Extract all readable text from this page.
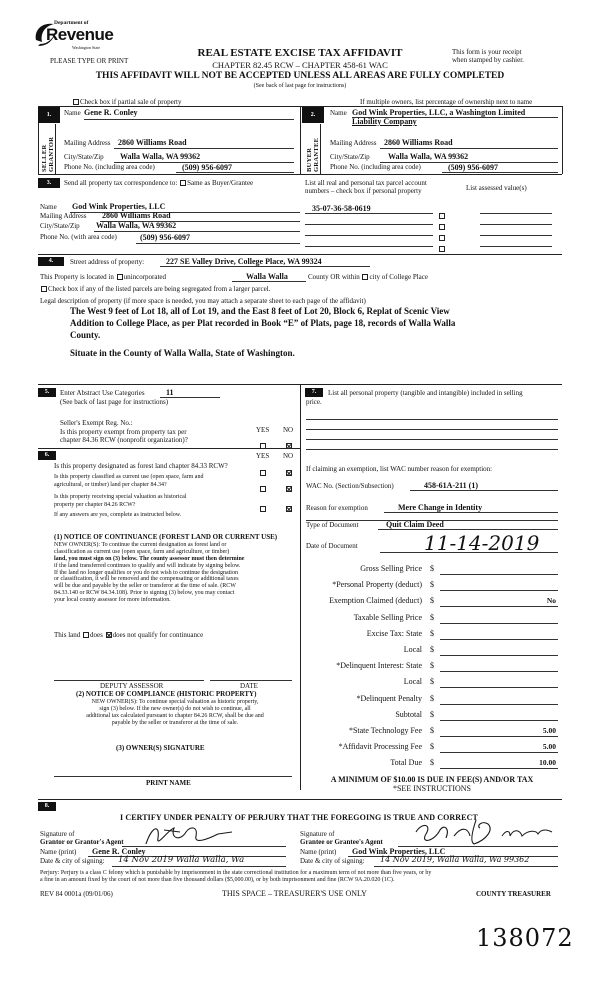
Department of
Revenue
Washington State
PLEASE TYPE OR PRINT
REAL ESTATE EXCISE TAX AFFIDAVIT
CHAPTER 82.45 RCW – CHAPTER 458-61 WAC
This form is your receipt
when stamped by cashier.
THIS AFFIDAVIT WILL NOT BE ACCEPTED UNLESS ALL AREAS ARE FULLY COMPLETED
(See back of last page for instructions)
Check box if partial sale of property	If multiple owners, list percentage of ownership next to name
1.
SELLER GRANTOR
Name Gene R. Conley
Mailing Address 2860 Williams Road
City/State/Zip Walla Walla, WA 99362
Phone No. (including area code)	(509) 956-6097
2.
BUYER GRANTEE
Name God Wink Properties, LLC, a Washington Limited
Liability Company
Mailing Address 2860 Williams Road
City/State/Zip Walla Walla, WA 99362
Phone No. (including area code)	(509) 956-6097
3.	Send all property tax correspondence to: Same as Buyer/Grantee
Name God Wink Properties, LLC
Mailing Address 2860 Williams Road
City/State/Zip Walla Walla, WA 99362
Phone No. (with area code)	(509) 956-6097
List all real and personal tax parcel account
numbers – check box if personal property	List assessed value(s)
35-07-36-58-0619
4.	Street address of property:	227 SE Valley Drive, College Place, WA 99324
This Property is located in unincorporated	Walla Walla	County OR within city of College Place
Check box if any of the listed parcels are being segregated from a larger parcel.
Legal description of property (if more space is needed, you may attach a separate sheet to each page of the affidavit)
The West 9 feet of Lot 18, all of Lot 19, and the East 8 feet of Lot 20, Block 6, Replat of Scenic View
Addition to College Place, as per Plat recorded in Book “E” of Plats, page 18, records of Walla Walla
County.
Situate in the County of Walla Walla, State of Washington.
5.	Enter Abstract Use Categories	11
(See back of last page for instructions)
Seller's Exempt Reg. No.:
YES NO
Is this property exempt from property tax per
chapter 84.36 RCW (nonprofit organization)?
6.	YES NO
Is this property designated as forest land chapter 84.33 RCW?
Is this property classified as current use (open space, farm and
agricultural, or timber) land per chapter 84.34?
Is this property receiving special valuation as historical
property per chapter 84.26 RCW?
If any answers are yes, complete as instructed below.
(1) NOTICE OF CONTINUANCE (FOREST LAND OR CURRENT USE)
NEW OWNER(S): To continue the current designation as forest land or
classification as current use (open space, farm and agriculture, or timber)
land, you must sign on (3) below. The county assessor must then determine
if the land transferred continues to qualify and will indicate by signing below.
If the land no longer qualifies or you do not wish to continue the designation
or classification, it will be removed and the compensating or additional taxes
will be due and payable by the seller or transferor at the time of sale. (RCW
84.33.140 or RCW 84.34.108). Prior to signing (3) below, you may contact
your local county assessor for more information.
This land does does not qualify for continuance
DEPUTY ASSESSOR	DATE
(2) NOTICE OF COMPLIANCE (HISTORIC PROPERTY)
NEW OWNER(S): To continue special valuation as historic property,
sign (3) below. If the new owner(s) do not wish to continue, all
additional tax calculated pursuant to chapter 84.26 RCW, shall be due and
payable by the seller or transferor at the time of sale.
(3) OWNER(S) SIGNATURE
PRINT NAME
7.	List all personal property (tangible and intangible) included in selling
price.
If claiming an exemption, list WAC number reason for exemption:
WAC No. (Section/Subsection)	458-61A-211 (1)
Reason for exemption	Mere Change in Identity
Type of Document	Quit Claim Deed
Date of Document	11-14-2019
Gross Selling Price $
*Personal Property (deduct) $
Exemption Claimed (deduct) $	No
Taxable Selling Price $
Excise Tax: State $
Local $
*Delinquent Interest: State $
Local $
*Delinquent Penalty $
Subtotal $
*State Technology Fee $	5.00
*Affidavit Processing Fee $	5.00
Total Due $	10.00
A MINIMUM OF $10.00 IS DUE IN FEE(S) AND/OR TAX
*SEE INSTRUCTIONS
8.
I CERTIFY UNDER PENALTY OF PERJURY THAT THE FOREGOING IS TRUE AND CORRECT
Signature of
Grantor or Grantor's Agent
Name (print) Gene R. Conley
Date & city of signing: 14 Nov 2019 Walla Walla, Wa
Signature of
Grantee or Grantee's Agent
Name (print) God Wink Properties, LLC
Date & city of signing: 14 Nov 2019, Walla Walla, Wa 99362
Perjury: Perjury is a class C felony which is punishable by imprisonment in the state correctional institution for a maximum term of not more than five years, or by
a fine in an amount fixed by the court of not more than five thousand dollars ($5,000.00), or by both imprisonment and fine (RCW 9A.20.020 (1C).
REV 84 0001a (09/01/06)	THIS SPACE – TREASURER'S USE ONLY	COUNTY TREASURER
138072
